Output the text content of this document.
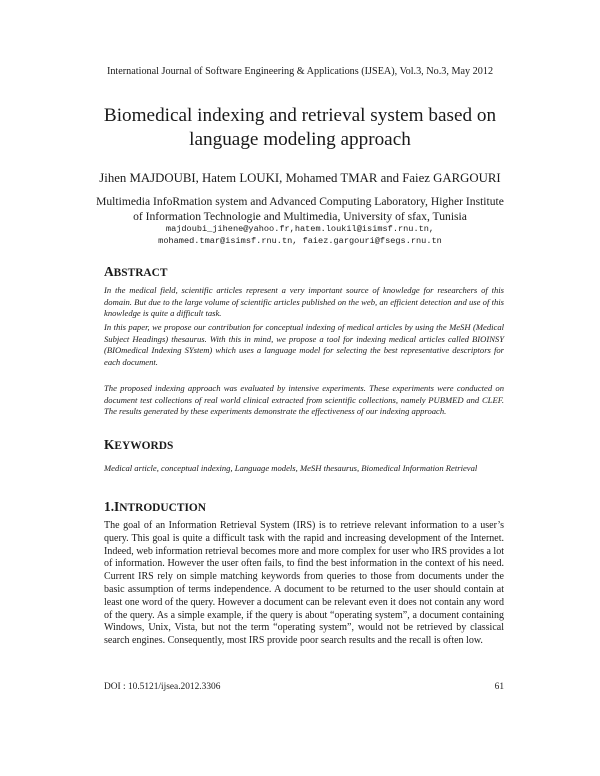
International Journal of Software Engineering & Applications (IJSEA), Vol.3, No.3, May 2012
Biomedical indexing and retrieval system based on
language modeling approach
Jihen MAJDOUBI, Hatem LOUKI, Mohamed TMAR and Faiez GARGOURI
Multimedia InfoRmation system and Advanced Computing Laboratory, Higher Institute
of Information Technologie and Multimedia, University of sfax, Tunisia
majdoubi_jihene@yahoo.fr,hatem.loukil@isimsf.rnu.tn,
mohamed.tmar@isimsf.rnu.tn, faiez.gargouri@fsegs.rnu.tn
ABSTRACT

In the medical field, scientific articles represent a very important source of knowledge for researchers of this domain. But due to the large volume of scientific articles published on the web, an efficient detection and use of this knowledge is quite a difficult task.

In this paper, we propose our contribution for conceptual indexing of medical articles by using the MeSH (Medical Subject Headings) thesaurus. With this in mind, we propose a tool for indexing medical articles called BIOINSY (BIOmedical Indexing SYstem) which uses a language model for selecting the best representative descriptors for each document.

The proposed indexing approach was evaluated by intensive experiments. These experiments were conducted on document test collections of real world clinical extracted from scientific collections, namely PUBMED and CLEF. The results generated by these experiments demonstrate the effectiveness of our indexing approach.

KEYWORDS

Medical article, conceptual indexing, Language models, MeSH thesaurus, Biomedical Information Retrieval

1.INTRODUCTION

The goal of an Information Retrieval System (IRS) is to retrieve relevant information to a user’s query. This goal is quite a difficult task with the rapid and increasing development of the Internet. Indeed, web information retrieval becomes more and more complex for user who IRS provides a lot of information. However the user often fails, to find the best information in the context of his need. Current IRS rely on simple matching keywords from queries to those from documents under the basic assumption of terms independence. A document to be returned to the user should contain at least one word of the query. However a document can be relevant even it does not contain any word of the query. As a simple example, if the query is about “operating system”, a document containing Windows, Unix, Vista, but not the term “operating system”, would not be retrieved by classical search engines. Consequently, most IRS provide poor search results and the recall is often low.

DOI : 10.5121/ijsea.2012.3306	61
